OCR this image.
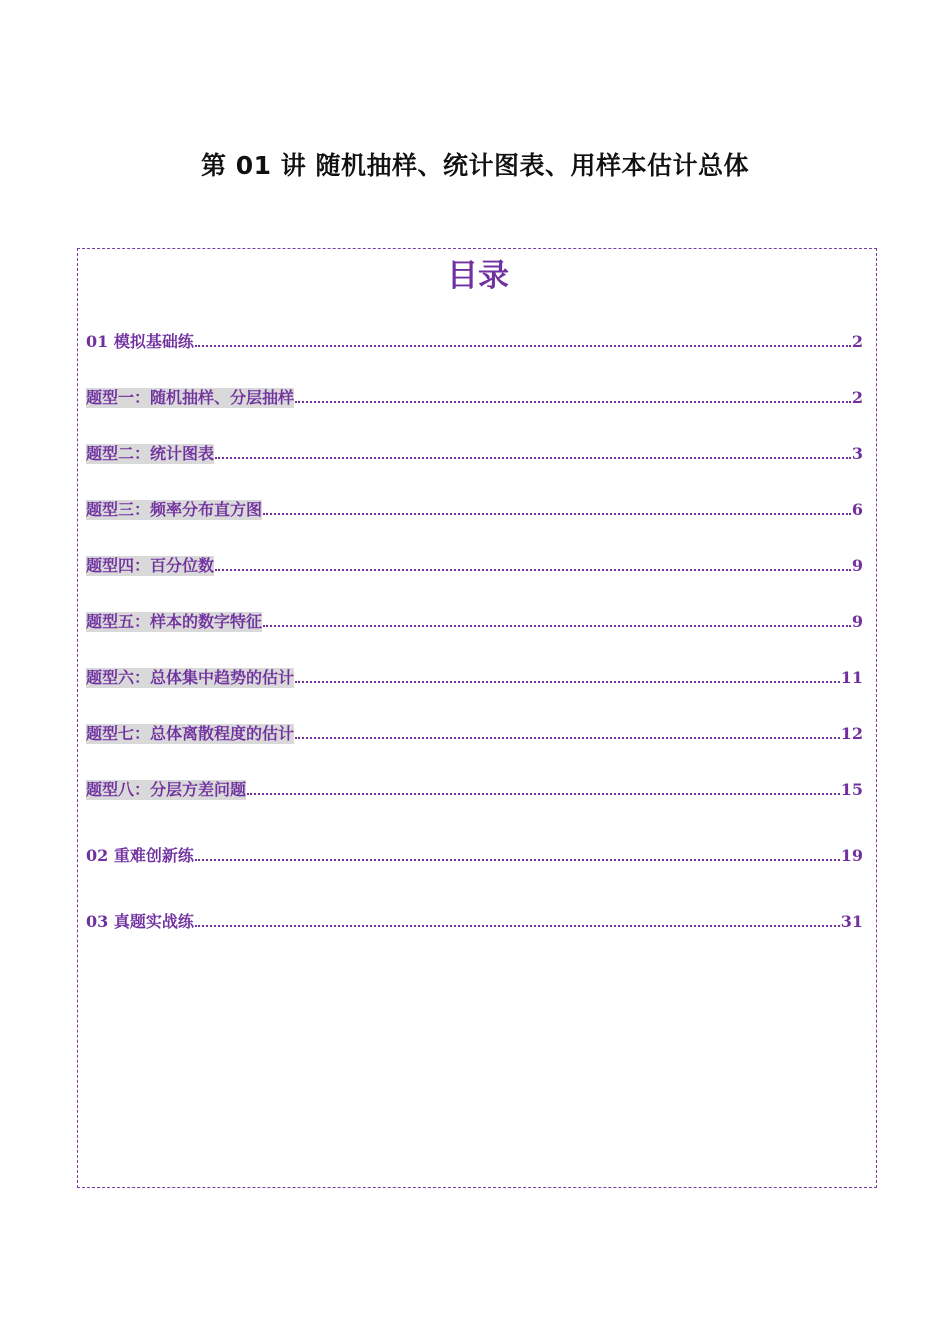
第 01 讲 随机抽样、统计图表、用样本估计总体
目录
01 模拟基础练	2
题型一：随机抽样、分层抽样	2
题型二：统计图表	3
题型三：频率分布直方图	6
题型四：百分位数	9
题型五：样本的数字特征	9
题型六：总体集中趋势的估计	11
题型七：总体离散程度的估计	12
题型八：分层方差问题	15
02 重难创新练	19
03 真题实战练	31
